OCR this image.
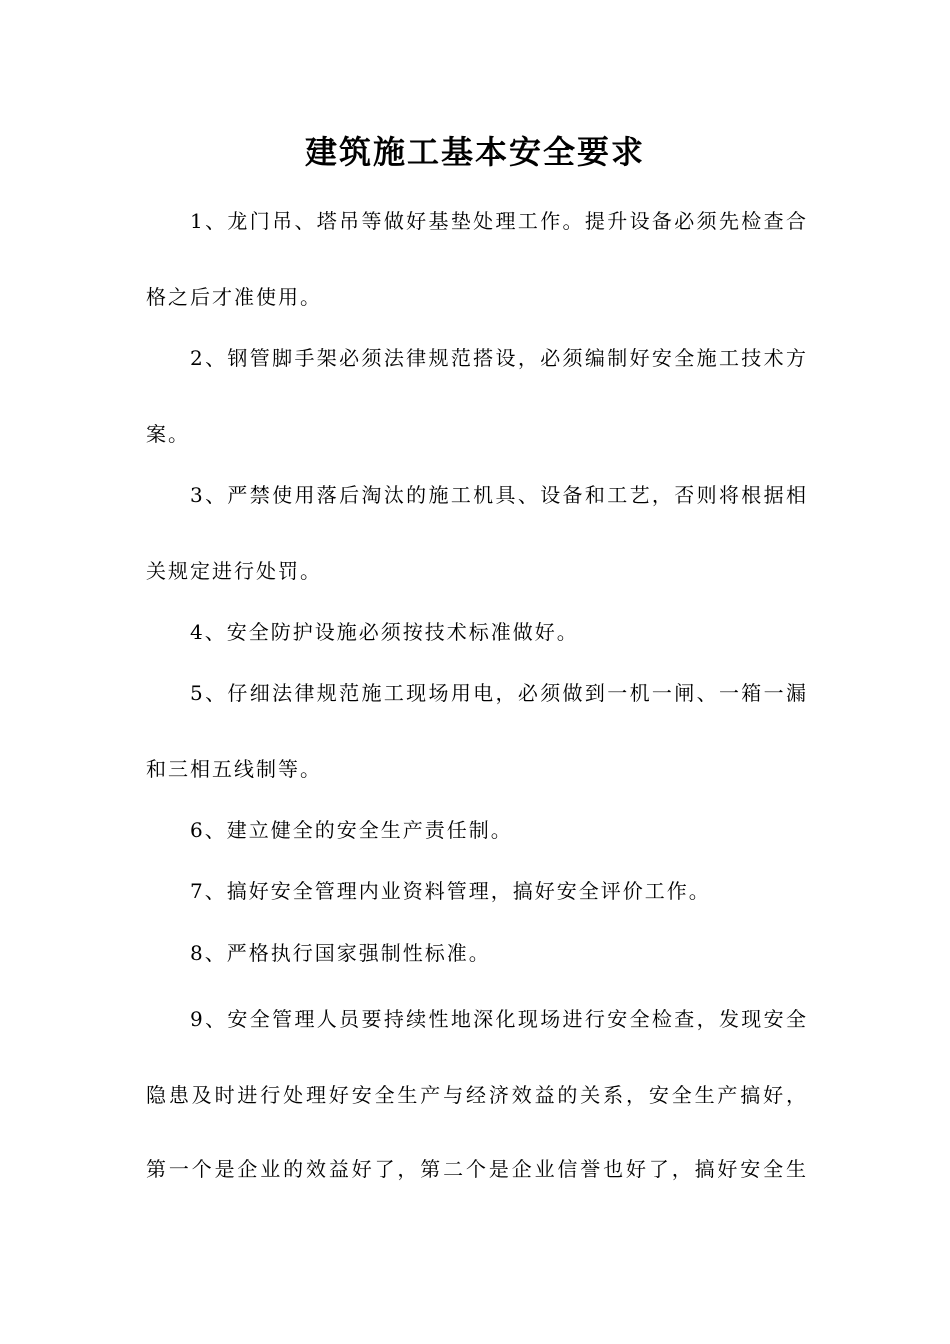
建筑施工基本安全要求

1、龙门吊、塔吊等做好基垫处理工作。提升设备必须先检查合

格之后才准使用。

2、钢管脚手架必须法律规范搭设，必须编制好安全施工技术方

案。

3、严禁使用落后淘汰的施工机具、设备和工艺，否则将根据相

关规定进行处罚。

4、安全防护设施必须按技术标准做好。

5、仔细法律规范施工现场用电，必须做到一机一闸、一箱一漏

和三相五线制等。

6、建立健全的安全生产责任制。

7、搞好安全管理内业资料管理，搞好安全评价工作。

8、严格执行国家强制性标准。

9、安全管理人员要持续性地深化现场进行安全检查，发现安全

隐患及时进行处理好安全生产与经济效益的关系，安全生产搞好，

第一个是企业的效益好了，第二个是企业信誉也好了，搞好安全生
